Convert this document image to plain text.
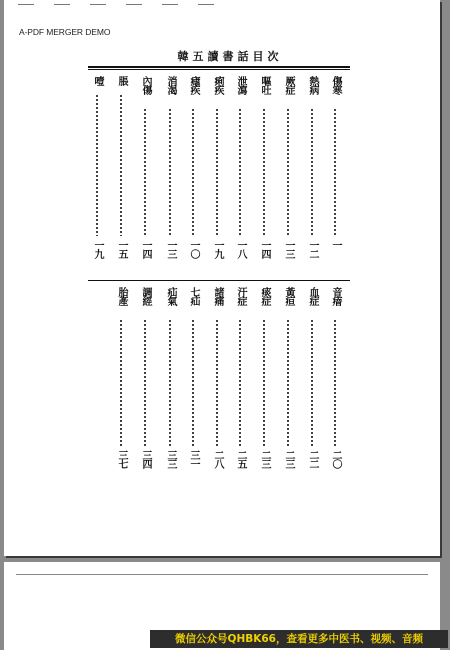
A-PDF MERGER DEMO
韓五讀書話目次
傷寒
一
熱病
一二
厥症
一三
嘔吐
一四
泄瀉
一八
痢疾
一九
瘧疾
一〇
消渴
一三
內傷
一四
脹
一五
噎
一九
音瘖
二〇
血症
二二
黃疸
二三
痰症
二三
汗症
二五
諸痛
二八
七疝
三一
疝氣
三三
調經
三四
胎產
三七
微信公众号QHBK66，查看更多中医书、视频、音频
